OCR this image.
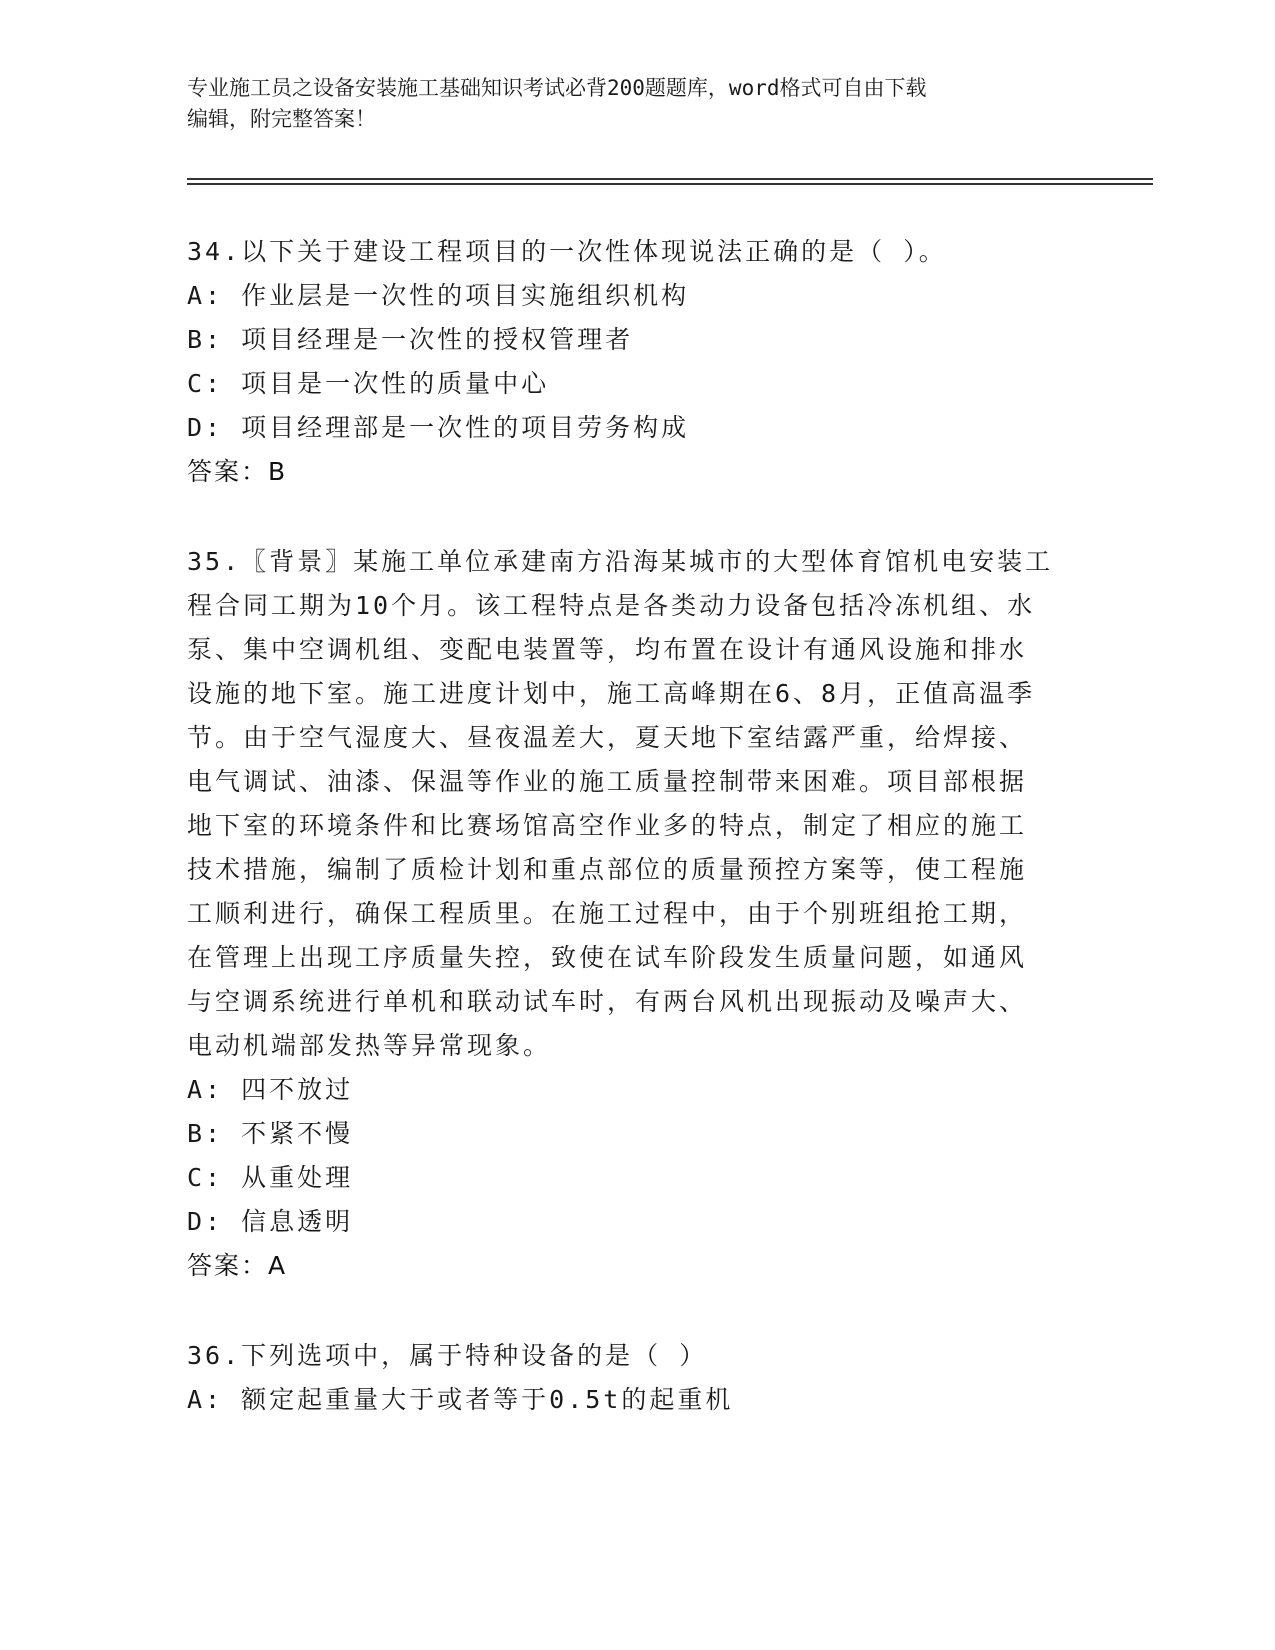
专业施工员之设备安装施工基础知识考试必背200题题库，word格式可自由下载
编辑，附完整答案！
34.以下关于建设工程项目的一次性体现说法正确的是（ ）。
A: 作业层是一次性的项目实施组织机构
B: 项目经理是一次性的授权管理者
C: 项目是一次性的质量中心
D: 项目经理部是一次性的项目劳务构成
答案：B
35.〖背景〗某施工单位承建南方沿海某城市的大型体育馆机电安装工
程合同工期为10个月。该工程特点是各类动力设备包括冷冻机组、水
泵、集中空调机组、变配电装置等，均布置在设计有通风设施和排水
设施的地下室。施工进度计划中，施工高峰期在6、8月，正值高温季
节。由于空气湿度大、昼夜温差大，夏天地下室结露严重，给焊接、
电气调试、油漆、保温等作业的施工质量控制带来困难。项目部根据
地下室的环境条件和比赛场馆高空作业多的特点，制定了相应的施工
技术措施，编制了质检计划和重点部位的质量预控方案等，使工程施
工顺利进行，确保工程质里。在施工过程中，由于个别班组抢工期，
在管理上出现工序质量失控，致使在试车阶段发生质量问题，如通风
与空调系统进行单机和联动试车时，有两台风机出现振动及噪声大、
电动机端部发热等异常现象。
A: 四不放过
B: 不紧不慢
C: 从重处理
D: 信息透明
答案：A
36.下列选项中，属于特种设备的是（ ）
A: 额定起重量大于或者等于0.5t的起重机
